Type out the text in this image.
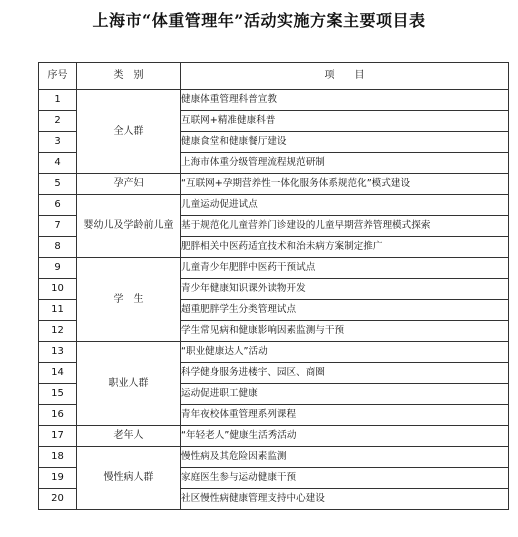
上海市“体重管理年”活动实施方案主要项目表
序号	类　别	项　　目
1	全人群	健康体重管理科普宣教
2		互联网+精准健康科普
3		健康食堂和健康餐厅建设
4		上海市体重分级管理流程规范研制
5	孕产妇	“互联网+孕期营养性一体化服务体系规范化”模式建设
6	婴幼儿及学龄前儿童	儿童运动促进试点
7		基于规范化儿童营养门诊建设的儿童早期营养管理模式探索
8		肥胖相关中医药适宜技术和治未病方案制定推广
9	学　生	儿童青少年肥胖中医药干预试点
10		青少年健康知识课外读物开发
11		超重肥胖学生分类管理试点
12		学生常见病和健康影响因素监测与干预
13	职业人群	“职业健康达人”活动
14		科学健身服务进楼宇、园区、商圈
15		运动促进职工健康
16		青年夜校体重管理系列课程
17	老年人	“年轻老人”健康生活秀活动
18	慢性病人群	慢性病及其危险因素监测
19		家庭医生参与运动健康干预
20		社区慢性病健康管理支持中心建设
